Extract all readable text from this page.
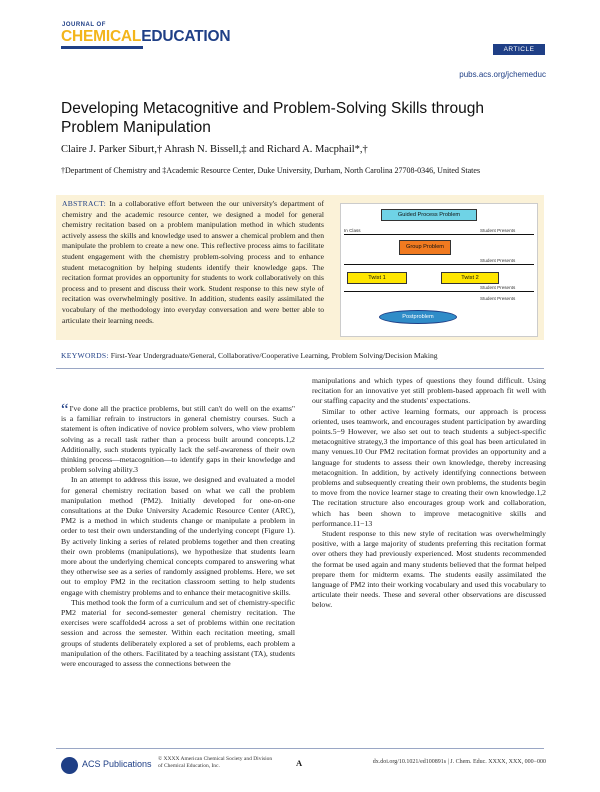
JOURNAL OF
CHEMICALEDUCATION
ARTICLE
pubs.acs.org/jchemeduc
Developing Metacognitive and Problem-Solving Skills through Problem Manipulation
Claire J. Parker Siburt,† Ahrash N. Bissell,‡ and Richard A. Macphail*,†
†Department of Chemistry and ‡Academic Resource Center, Duke University, Durham, North Carolina 27708-0346, United States
ABSTRACT: In a collaborative effort between the our university's department of chemistry and the academic resource center, we designed a model for general chemistry recitation based on a problem manipulation method in which students actively assess the skills and knowledge used to answer a chemical problem and then manipulate the problem to create a new one. This reflective process aims to facilitate student engagement with the chemistry problem-solving process and to enhance student metacognition by helping students identify their knowledge gaps. The recitation format provides an opportunity for students to work collaboratively on this process and to present and discuss their work. Student response to this new style of recitation was overwhelmingly positive. In addition, students easily assimilated the vocabulary of the methodology into everyday conversation and were better able to articulate their learning needs.
Guided Process Problem
In Class	Student Presents
Group Problem
Student Presents
Twist 1	Twist 2
Student Presents
Postproblem
Student Presents
KEYWORDS: First-Year Undergraduate/General, Collaborative/Cooperative Learning, Problem Solving/Decision Making

“I've done all the practice problems, but still can't do well on the exams" is a familiar refrain to instructors in general chemistry courses. Such a statement is often indicative of novice problem solvers, who view problem solving as a recall task rather than a process built around concepts.1,2 Additionally, such students typically lack the self-awareness of their own thinking process—metacognition—to identify gaps in their knowledge and problem solving ability.3

In an attempt to address this issue, we designed and evaluated a model for general chemistry recitation based on what we call the problem manipulation method (PM2). Initially developed for one-on-one consultations at the Duke University Academic Resource Center (ARC), PM2 is a method in which students change or manipulate a problem in order to test their own understanding of the underlying concept (Figure 1). By actively linking a series of related problems together and then creating their own problems (manipulations), we hypothesize that students learn more about the underlying chemical concepts compared to answering what they otherwise see as a series of randomly assigned problems. Here, we set out to employ PM2 in the recitation classroom setting to help students engage with chemistry problems and to enhance their metacognitive skills.

This method took the form of a curriculum and set of chemistry-specific PM2 material for second-semester general chemistry recitation. The exercises were scaffolded4 across a set of problems within one recitation session and across the semester. Within each recitation meeting, small groups of students deliberately explored a set of problems, each problem a manipulation of the others. Facilitated by a teaching assistant (TA), students were encouraged to assess the connections between the

manipulations and which types of questions they found difficult. Using recitation for an innovative yet still problem-based approach fit well with our staffing capacity and the students' expectations.

Similar to other active learning formats, our approach is process oriented, uses teamwork, and encourages student participation by awarding points.5−9 However, we also set out to teach students a subject-specific metacognitive strategy,3 the importance of this goal has been articulated in many venues.10 Our PM2 recitation format provides an opportunity and a language for students to assess their own knowledge, thereby increasing metacognition. In addition, by actively identifying connections between problems and subsequently creating their own problems, the students begin to move from the novice learner stage to creating their own knowledge.1,2 The recitation structure also encourages group work and collaboration, which has been shown to improve metacognitive skills and performance.11−13

Student response to this new style of recitation was overwhelmingly positive, with a large majority of students preferring this recitation format over others they had previously experienced. Most students recommended the format be used again and many students believed that the format helped prepare them for midterm exams. The students easily assimilated the language of PM2 into their working vocabulary and used this vocabulary to articulate their needs. These and several other observations are discussed below.

ACS Publications © XXXX American Chemical Society and Division of Chemical Education, Inc.	A	dx.doi.org/10.1021/ed100891s | J. Chem. Educ. XXXX, XXX, 000−000
